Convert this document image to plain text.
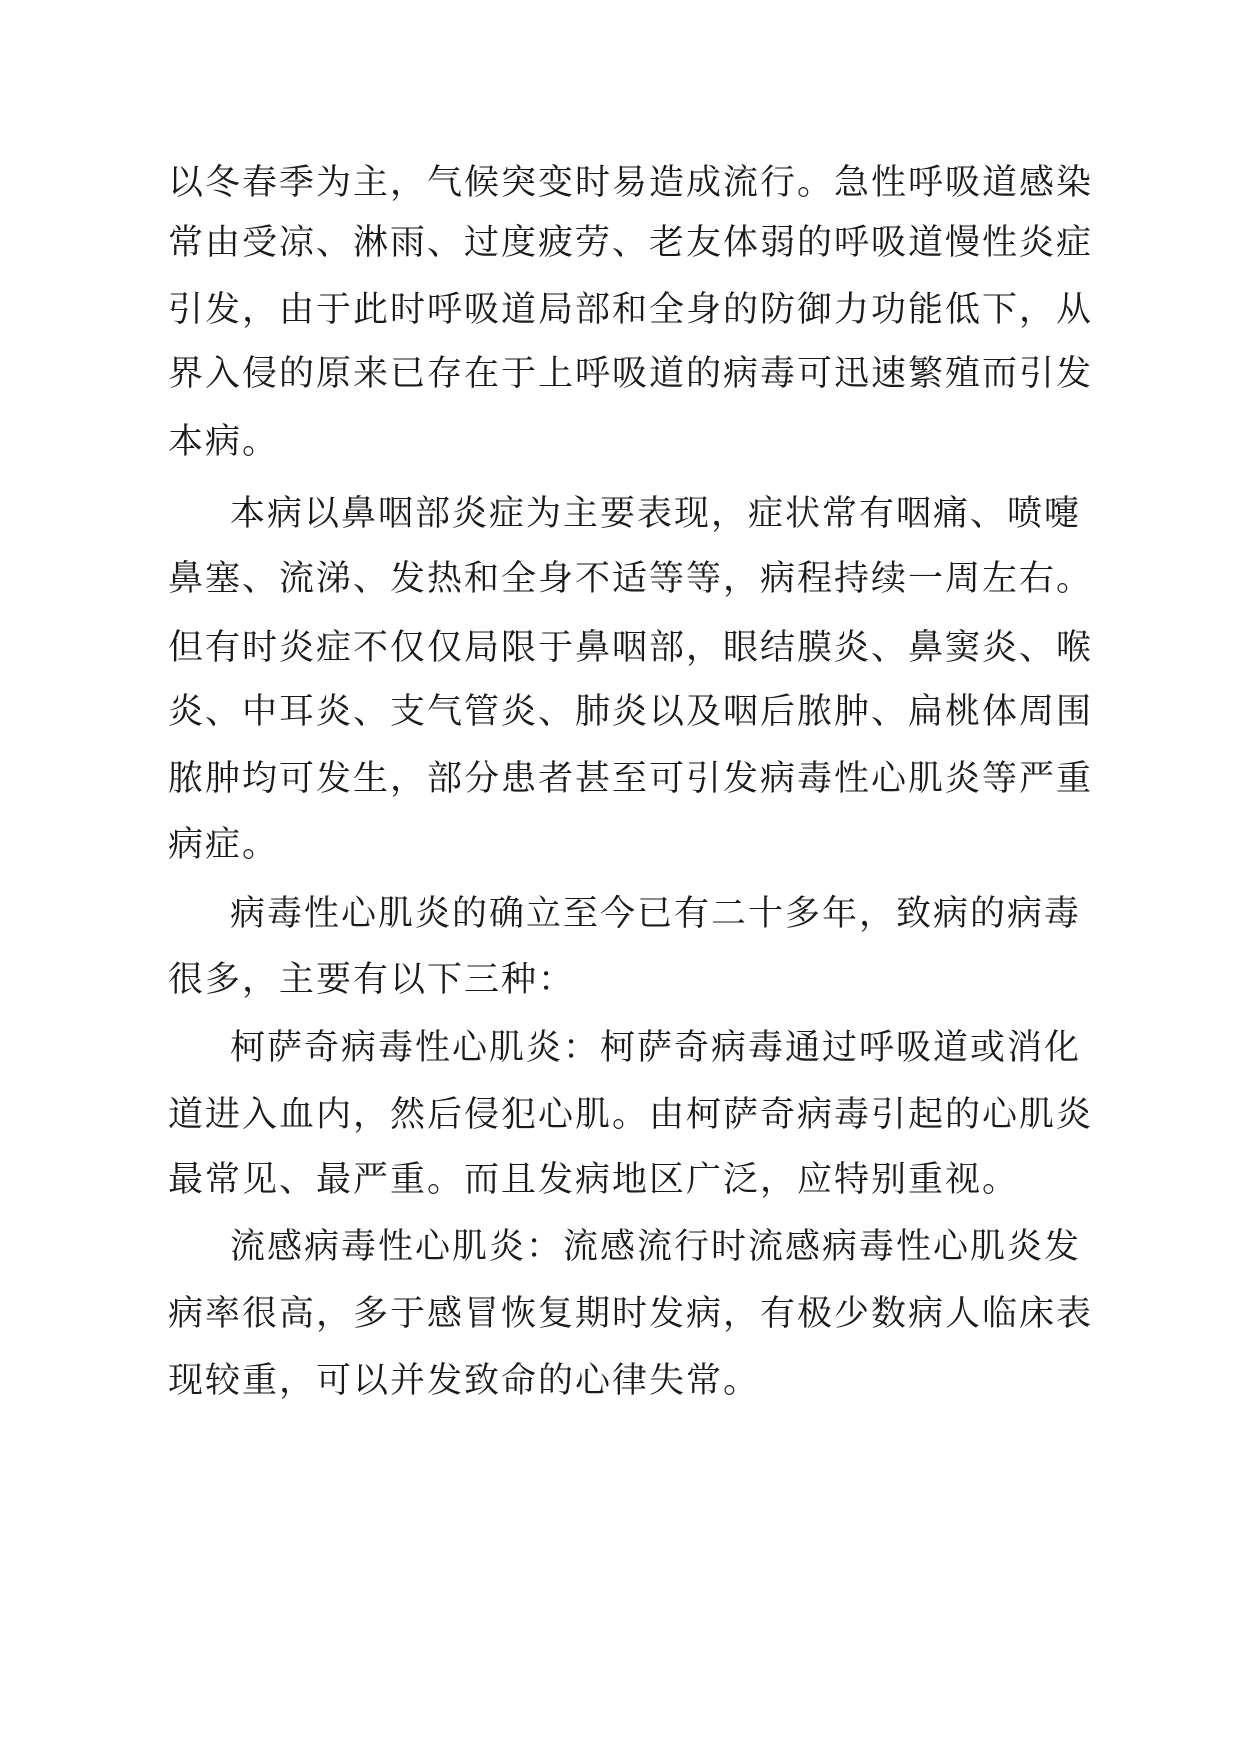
以冬春季为主，气候突变时易造成流行。急性呼吸道感染

常由受凉、淋雨、过度疲劳、老友体弱的呼吸道慢性炎症

引发，由于此时呼吸道局部和全身的防御力功能低下，从

界入侵的原来已存在于上呼吸道的病毒可迅速繁殖而引发

本病。

本病以鼻咽部炎症为主要表现，症状常有咽痛、喷嚏

鼻塞、流涕、发热和全身不适等等，病程持续一周左右。

但有时炎症不仅仅局限于鼻咽部，眼结膜炎、鼻窦炎、喉

炎、中耳炎、支气管炎、肺炎以及咽后脓肿、扁桃体周围

脓肿均可发生，部分患者甚至可引发病毒性心肌炎等严重

病症。

病毒性心肌炎的确立至今已有二十多年，致病的病毒

很多，主要有以下三种：

柯萨奇病毒性心肌炎：柯萨奇病毒通过呼吸道或消化

道进入血内，然后侵犯心肌。由柯萨奇病毒引起的心肌炎

最常见、最严重。而且发病地区广泛，应特别重视。

流感病毒性心肌炎：流感流行时流感病毒性心肌炎发

病率很高，多于感冒恢复期时发病，有极少数病人临床表

现较重，可以并发致命的心律失常。
